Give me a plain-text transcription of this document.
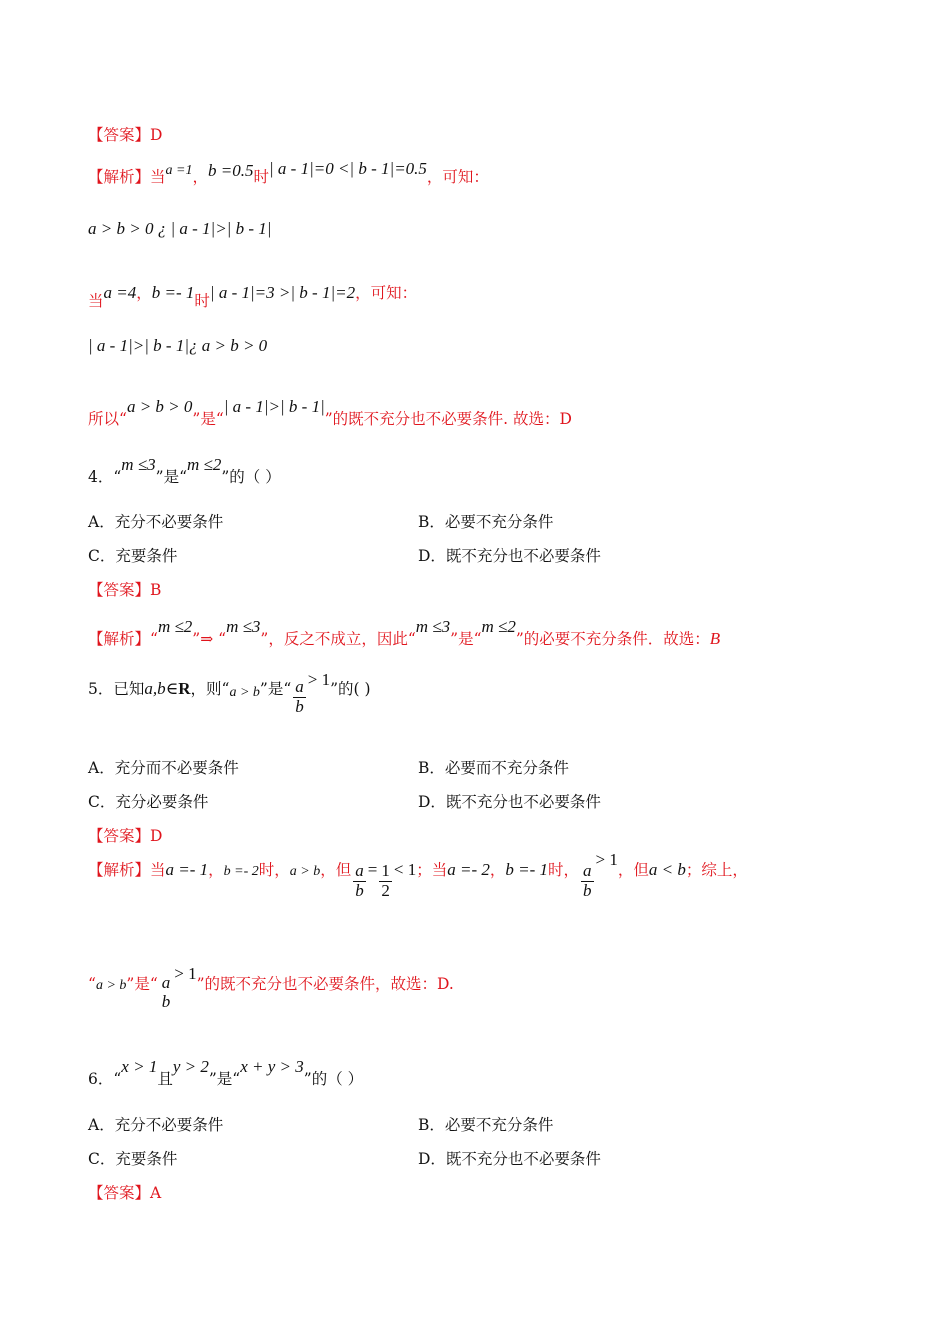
【答案】D
【解析】当a =1，b =0.5时| a - 1|=0 <| b - 1|=0.5，可知：
a > b > 0 ¿ | a - 1|>| b - 1|
当a =4，b =- 1时| a - 1|=3 >| b - 1|=2，可知：
| a - 1|>| b - 1|¿ a > b > 0
所以“a > b > 0”是“| a - 1|>| b - 1|”的既不充分也不必要条件. 故选：D
4．“m ≤3”是“m ≤2”的（ ）
A．充分不必要条件	B．必要不充分条件
C．充要条件	D．既不充分也不必要条件
【答案】B
【解析】“m ≤2”⇒ “m ≤3”，反之不成立，因此“m ≤3”是“m ≤2”的必要不充分条件．故选：B
5．已知a,b∈R，则“a > b”是“ $\frac{a}{b} > 1$”的( )
A．充分而不必要条件	B．必要而不充分条件
C．充分必要条件	D．既不充分也不必要条件
【答案】D
【解析】当a =- 1，b =- 2时，a > b，但 $\frac{a}{b} = \frac{1}{2} < 1$；当a =- 2，b =- 1时， $\frac{a}{b}$
> 1，但a < b；综上，
“a > b”是“ a
b
> 1”的既不充分也不必要条件，故选：D.
6．“x > 1且y > 2”是“x + y > 3”的（ ）
A．充分不必要条件	B．必要不充分条件
C．充要条件	D．既不充分也不必要条件
【答案】A
